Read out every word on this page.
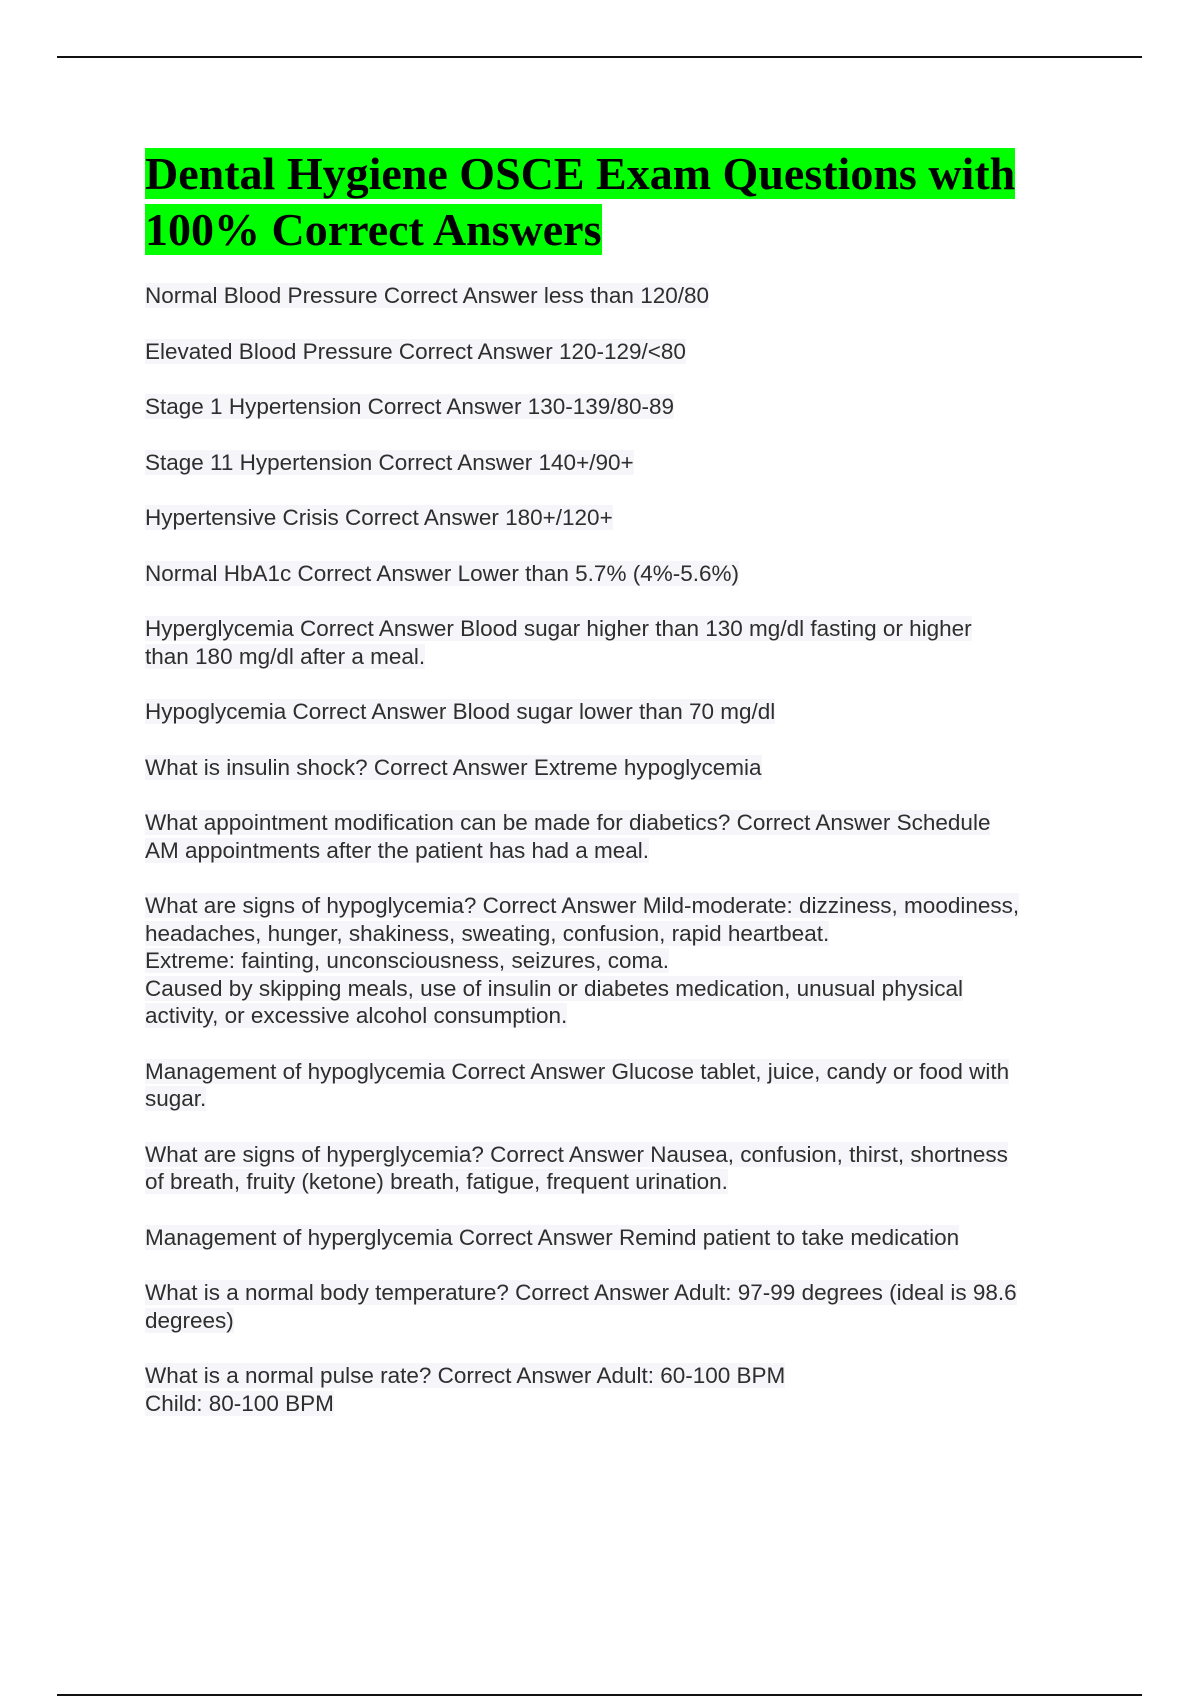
Dental Hygiene OSCE Exam Questions with
100% Correct Answers
Normal Blood Pressure Correct Answer less than 120/80
Elevated Blood Pressure Correct Answer 120-129/<80
Stage 1 Hypertension Correct Answer 130-139/80-89
Stage 11 Hypertension Correct Answer 140+/90+
Hypertensive Crisis Correct Answer 180+/120+
Normal HbA1c Correct Answer Lower than 5.7% (4%-5.6%)
Hyperglycemia Correct Answer Blood sugar higher than 130 mg/dl fasting or higher
than 180 mg/dl after a meal.
Hypoglycemia Correct Answer Blood sugar lower than 70 mg/dl
What is insulin shock? Correct Answer Extreme hypoglycemia
What appointment modification can be made for diabetics? Correct Answer Schedule
AM appointments after the patient has had a meal.
What are signs of hypoglycemia? Correct Answer Mild-moderate: dizziness, moodiness,
headaches, hunger, shakiness, sweating, confusion, rapid heartbeat.
Extreme: fainting, unconsciousness, seizures, coma.
Caused by skipping meals, use of insulin or diabetes medication, unusual physical
activity, or excessive alcohol consumption.
Management of hypoglycemia Correct Answer Glucose tablet, juice, candy or food with
sugar.
What are signs of hyperglycemia? Correct Answer Nausea, confusion, thirst, shortness
of breath, fruity (ketone) breath, fatigue, frequent urination.
Management of hyperglycemia Correct Answer Remind patient to take medication
What is a normal body temperature? Correct Answer Adult: 97-99 degrees (ideal is 98.6
degrees)
What is a normal pulse rate? Correct Answer Adult: 60-100 BPM
Child: 80-100 BPM
